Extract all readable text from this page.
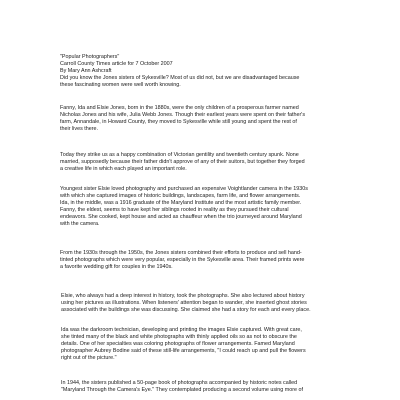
"Popular Photographers"
Carroll County Times article for 7 October 2007
By Mary Ann Ashcraft
Did you know the Jones sisters of Sykesville? Most of us did not, but we are disadvantaged because
these fascinating women were well worth knowing.
Fanny, Ida and Elsie Jones, born in the 1880s, were the only children of a prosperous farmer named
Nicholas Jones and his wife, Julia Webb Jones. Though their earliest years were spent on their father's
farm, Annandale, in Howard County, they moved to Sykesville while still young and spent the rest of
their lives there.
Today they strike us as a happy combination of Victorian gentility and twentieth century spunk. None
married, supposedly because their father didn't approve of any of their suitors, but together they forged
a creative life in which each played an important role.
Youngest sister Elsie loved photography and purchased an expensive Voightlander camera in the 1930s
with which she captured images of historic buildings, landscapes, farm life, and flower arrangements.
Ida, in the middle, was a 1916 graduate of the Maryland Institute and the most artistic family member.
Fanny, the eldest, seems to have kept her siblings rooted in reality as they pursued their cultural
endeavors. She cooked, kept house and acted as chauffeur when the trio journeyed around Maryland
with the camera.
From the 1930s through the 1950s, the Jones sisters combined their efforts to produce and sell hand-
tinted photographs which were very popular, especially in the Sykesville area. Their framed prints were
a favorite wedding gift for couples in the 1940s.
Elsie, who always had a deep interest in history, took the photographs. She also lectured about history
using her pictures as illustrations. When listeners' attention began to wander, she inserted ghost stories
associated with the buildings she was discussing. She claimed she had a story for each and every place.
Ida was the darkroom technician, developing and printing the images Elsie captured. With great care,
she tinted many of the black and white photographs with thinly applied oils so as not to obscure the
details. One of her specialties was coloring photographs of flower arrangements. Famed Maryland
photographer Aubrey Bodine said of these still-life arrangements, "I could reach up and pull the flowers
right out of the picture."
In 1944, the sisters published a 50-page book of photographs accompanied by historic notes called
"Maryland Through the Camera's Eye." They contemplated producing a second volume using more of
